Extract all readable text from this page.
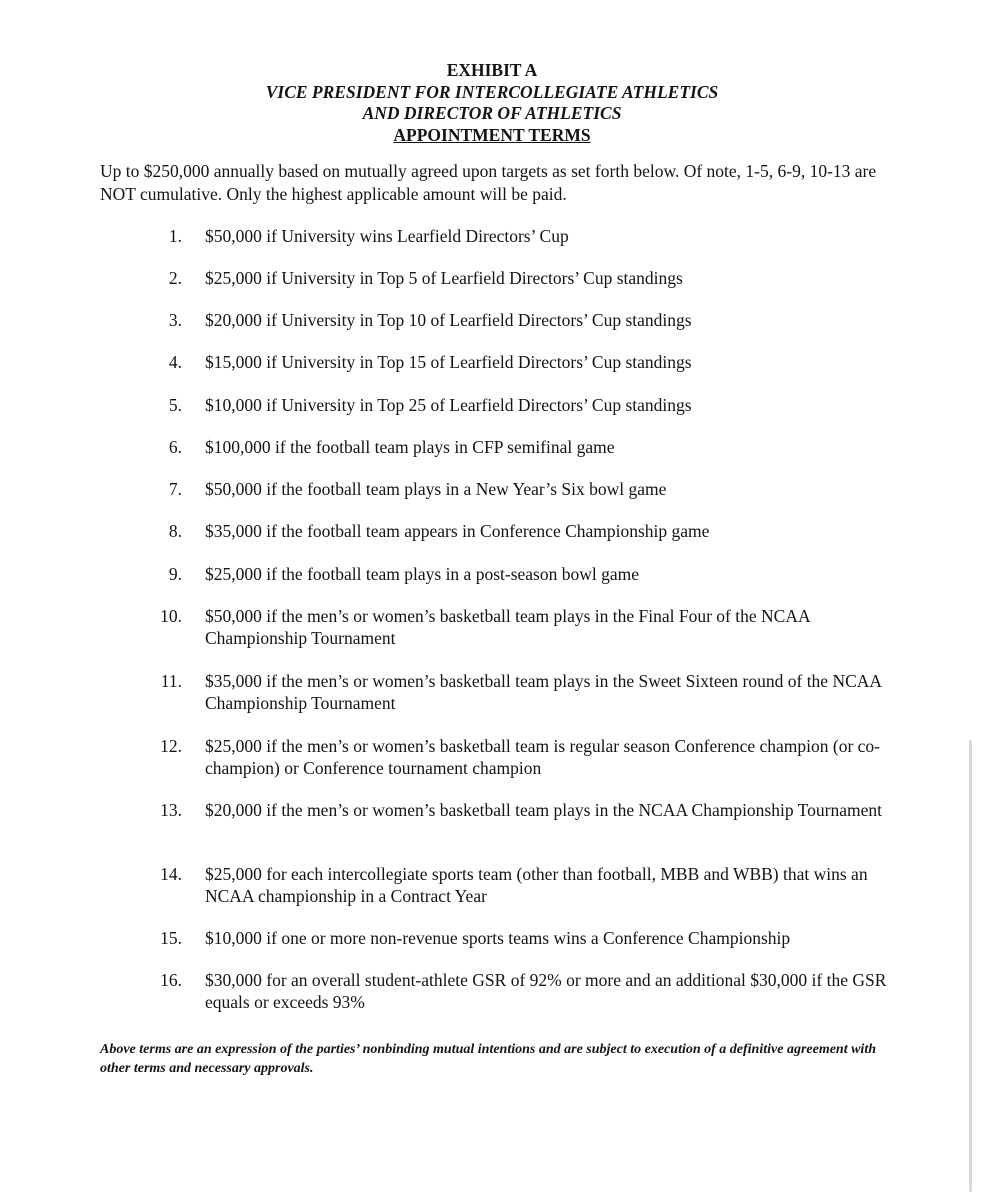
EXHIBIT A
VICE PRESIDENT FOR INTERCOLLEGIATE ATHLETICS
AND DIRECTOR OF ATHLETICS
APPOINTMENT TERMS
Up to $250,000 annually based on mutually agreed upon targets as set forth below. Of note, 1-5, 6-9, 10-13 are NOT cumulative. Only the highest applicable amount will be paid.
1. $50,000 if University wins Learfield Directors’ Cup
2. $25,000 if University in Top 5 of Learfield Directors’ Cup standings
3. $20,000 if University in Top 10 of Learfield Directors’ Cup standings
4. $15,000 if University in Top 15 of Learfield Directors’ Cup standings
5. $10,000 if University in Top 25 of Learfield Directors’ Cup standings
6. $100,000 if the football team plays in CFP semifinal game
7. $50,000 if the football team plays in a New Year’s Six bowl game
8. $35,000 if the football team appears in Conference Championship game
9. $25,000 if the football team plays in a post-season bowl game
10. $50,000 if the men’s or women’s basketball team plays in the Final Four of the NCAA Championship Tournament
11. $35,000 if the men’s or women’s basketball team plays in the Sweet Sixteen round of the NCAA Championship Tournament
12. $25,000 if the men’s or women’s basketball team is regular season Conference champion (or co-champion) or Conference tournament champion
13. $20,000 if the men’s or women’s basketball team plays in the NCAA Championship Tournament
14. $25,000 for each intercollegiate sports team (other than football, MBB and WBB) that wins an NCAA championship in a Contract Year
15. $10,000 if one or more non-revenue sports teams wins a Conference Championship
16. $30,000 for an overall student-athlete GSR of 92% or more and an additional $30,000 if the GSR equals or exceeds 93%
Above terms are an expression of the parties’ nonbinding mutual intentions and are subject to execution of a definitive agreement with other terms and necessary approvals.
